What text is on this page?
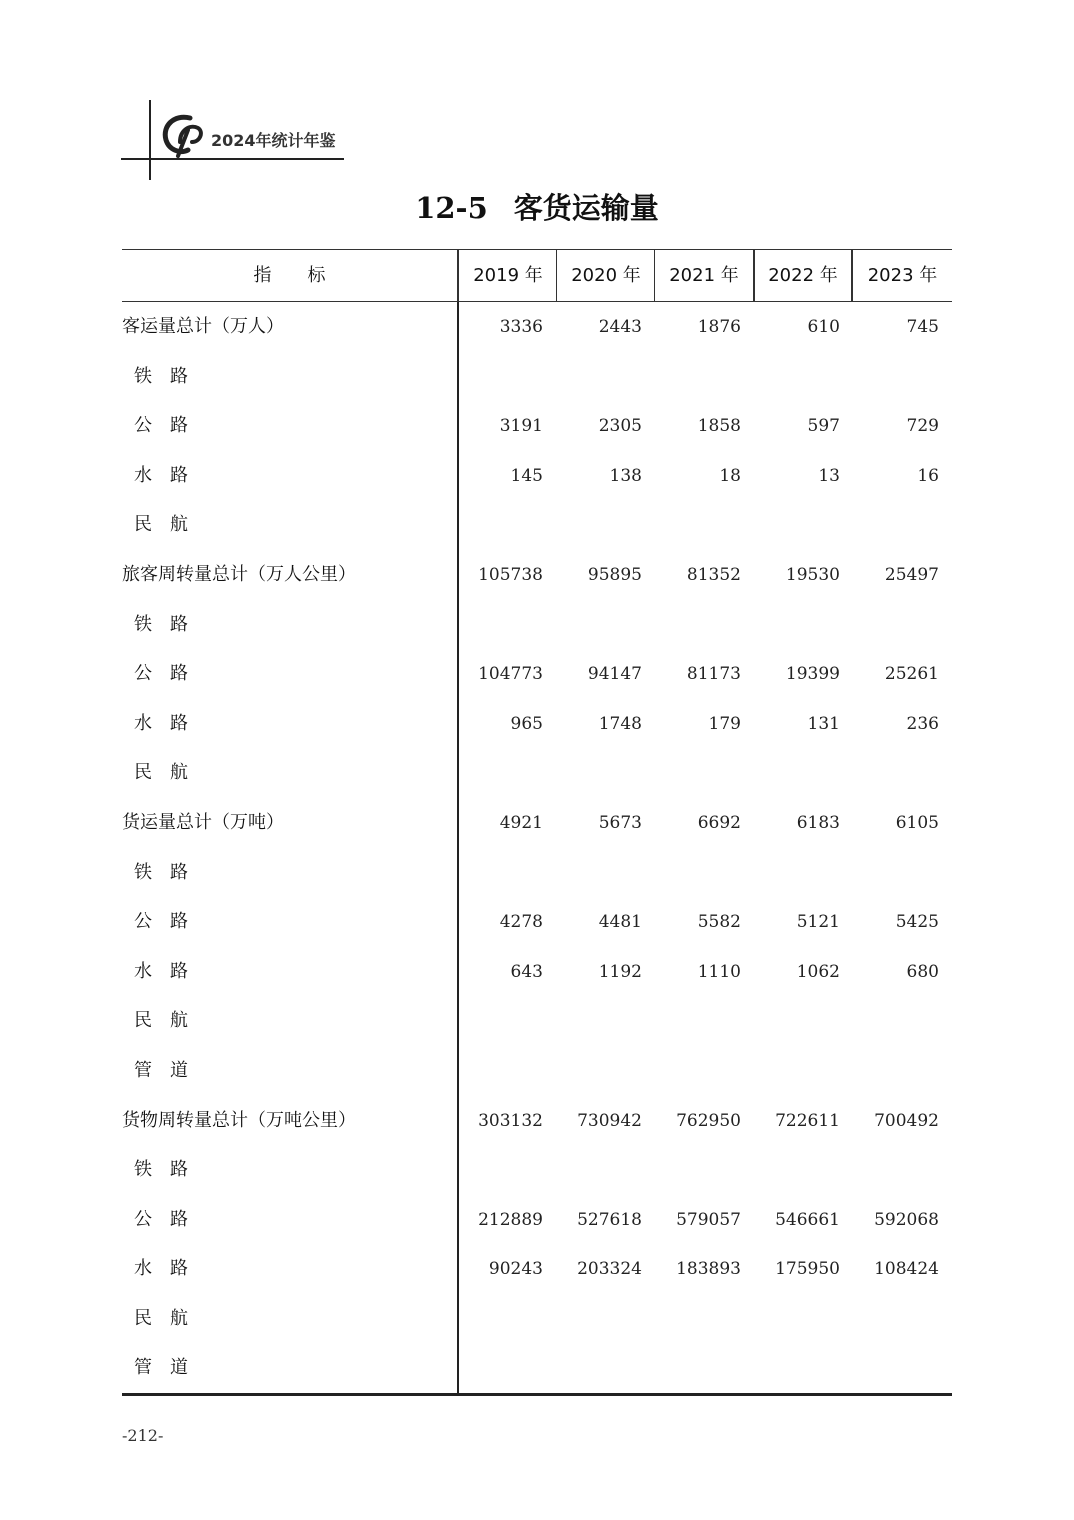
2024年统计年鉴
12-5 客货运输量
指　　标	2019 年	2020 年	2021 年	2022 年	2023 年
客运量总计（万人）	3336	2443	1876	610	745
铁　路
公　路	3191	2305	1858	597	729
水　路	145	138	18	13	16
民　航
旅客周转量总计（万人公里）	105738	95895	81352	19530	25497
铁　路
公　路	104773	94147	81173	19399	25261
水　路	965	1748	179	131	236
民　航
货运量总计（万吨）	4921	5673	6692	6183	6105
铁　路
公　路	4278	4481	5582	5121	5425
水　路	643	1192	1110	1062	680
民　航
管　道
货物周转量总计（万吨公里）	303132	730942	762950	722611	700492
铁　路
公　路	212889	527618	579057	546661	592068
水　路	90243	203324	183893	175950	108424
民　航
管　道
-212-
